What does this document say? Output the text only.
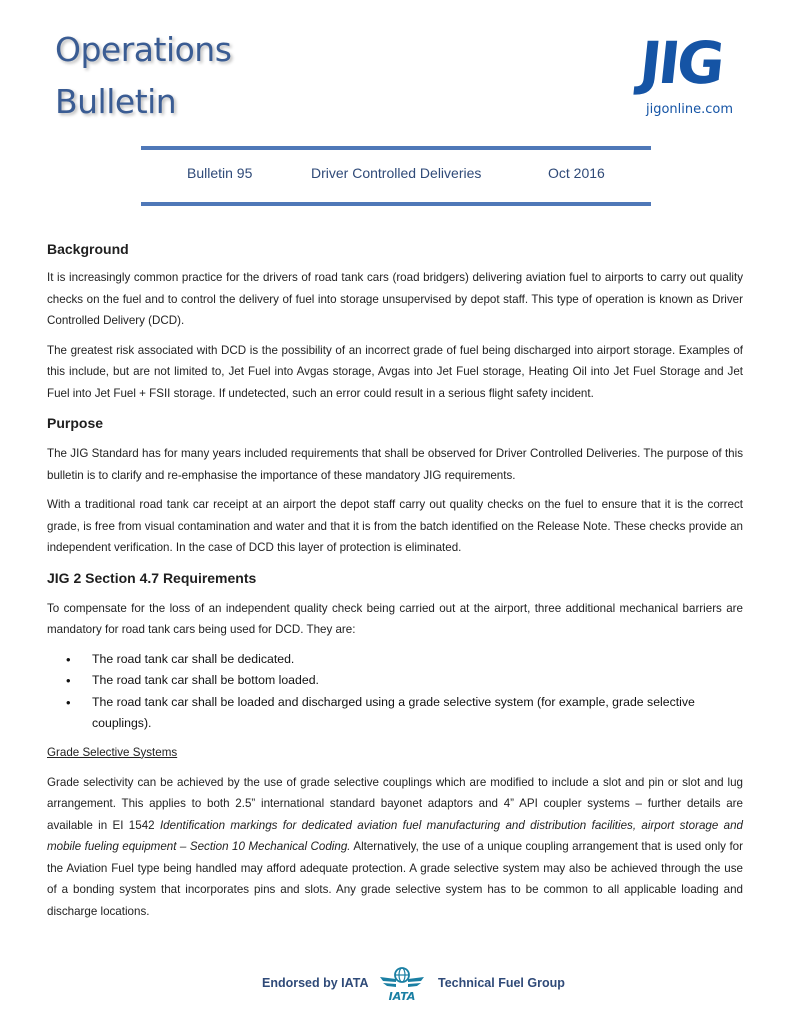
Operations
Bulletin
JIG
jigonline.com
Bulletin 95	Driver Controlled Deliveries	Oct 2016
Background

It is increasingly common practice for the drivers of road tank cars (road bridgers) delivering aviation fuel to airports to carry out quality checks on the fuel and to control the delivery of fuel into storage unsupervised by depot staff. This type of operation is known as Driver Controlled Delivery (DCD).

The greatest risk associated with DCD is the possibility of an incorrect grade of fuel being discharged into airport storage. Examples of this include, but are not limited to, Jet Fuel into Avgas storage, Avgas into Jet Fuel storage, Heating Oil into Jet Fuel Storage and Jet Fuel into Jet Fuel + FSII storage. If undetected, such an error could result in a serious flight safety incident.

Purpose

The JIG Standard has for many years included requirements that shall be observed for Driver Controlled Deliveries. The purpose of this bulletin is to clarify and re-emphasise the importance of these mandatory JIG requirements.

With a traditional road tank car receipt at an airport the depot staff carry out quality checks on the fuel to ensure that it is the correct grade, is free from visual contamination and water and that it is from the batch identified on the Release Note. These checks provide an independent verification. In the case of DCD this layer of protection is eliminated.

JIG 2 Section 4.7 Requirements

To compensate for the loss of an independent quality check being carried out at the airport, three additional mechanical barriers are mandatory for road tank cars being used for DCD. They are:

• The road tank car shall be dedicated.
• The road tank car shall be bottom loaded.
• The road tank car shall be loaded and discharged using a grade selective system (for example, grade selective couplings).
Grade Selective Systems

Grade selectivity can be achieved by the use of grade selective couplings which are modified to include a slot and pin or slot and lug arrangement. This applies to both 2.5” international standard bayonet adaptors and 4” API coupler systems – further details are available in EI 1542 Identification markings for dedicated aviation fuel manufacturing and distribution facilities, airport storage and mobile fueling equipment – Section 10 Mechanical Coding. Alternatively, the use of a unique coupling arrangement that is used only for the Aviation Fuel type being handled may afford adequate protection. A grade selective system may also be achieved through the use of a bonding system that incorporates pins and slots. Any grade selective system has to be common to all applicable loading and discharge locations.

Endorsed by IATA
IATA
Technical Fuel Group
